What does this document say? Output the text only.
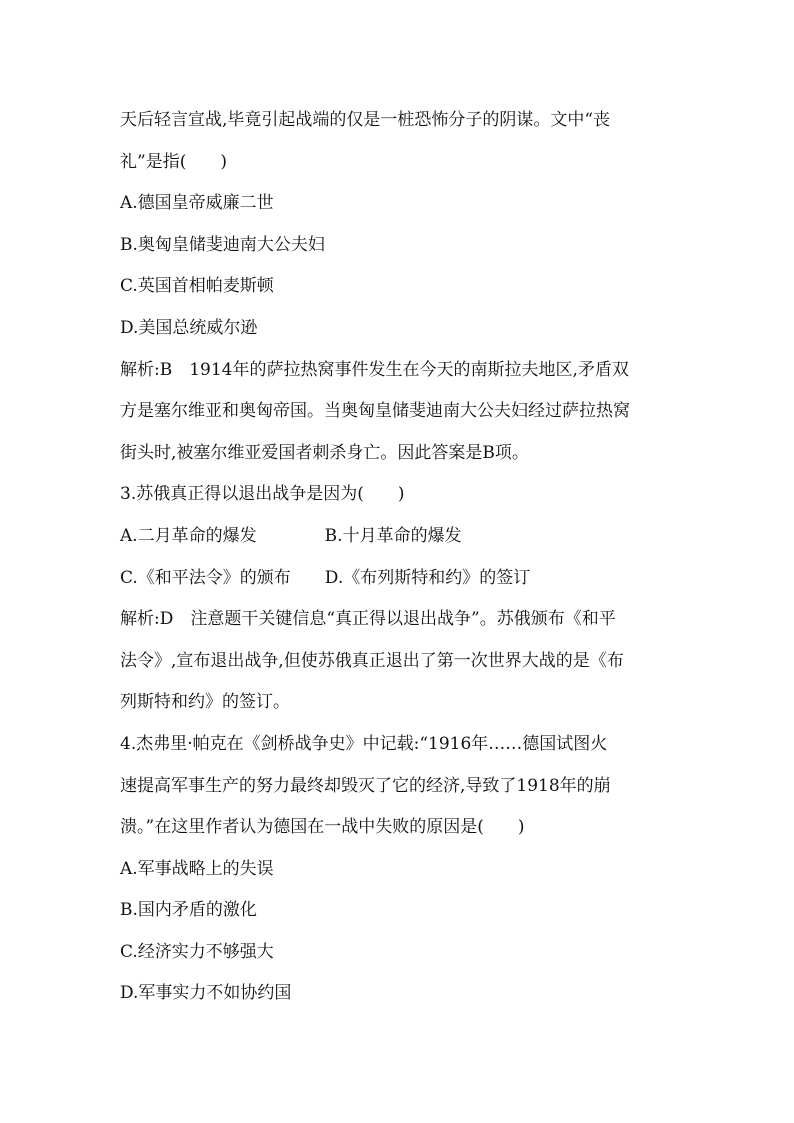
天后轻言宣战,毕竟引起战端的仅是一桩恐怖分子的阴谋。文中“丧
礼”是指(　　)
A.德国皇帝威廉二世
B.奥匈皇储斐迪南大公夫妇
C.英国首相帕麦斯顿
D.美国总统威尔逊
解析:B　1914年的萨拉热窝事件发生在今天的南斯拉夫地区,矛盾双
方是塞尔维亚和奥匈帝国。当奥匈皇储斐迪南大公夫妇经过萨拉热窝
街头时,被塞尔维亚爱国者刺杀身亡。因此答案是B项。
3.苏俄真正得以退出战争是因为(　　)
A.二月革命的爆发　　　　B.十月革命的爆发
C.《和平法令》的颁布　　D.《布列斯特和约》的签订
解析:D　注意题干关键信息“真正得以退出战争”。苏俄颁布《和平
法令》,宣布退出战争,但使苏俄真正退出了第一次世界大战的是《布
列斯特和约》的签订。
4.杰弗里·帕克在《剑桥战争史》中记载:“1916年……德国试图火
速提高军事生产的努力最终却毁灭了它的经济,导致了1918年的崩
溃。”在这里作者认为德国在一战中失败的原因是(　　)
A.军事战略上的失误
B.国内矛盾的激化
C.经济实力不够强大
D.军事实力不如协约国
